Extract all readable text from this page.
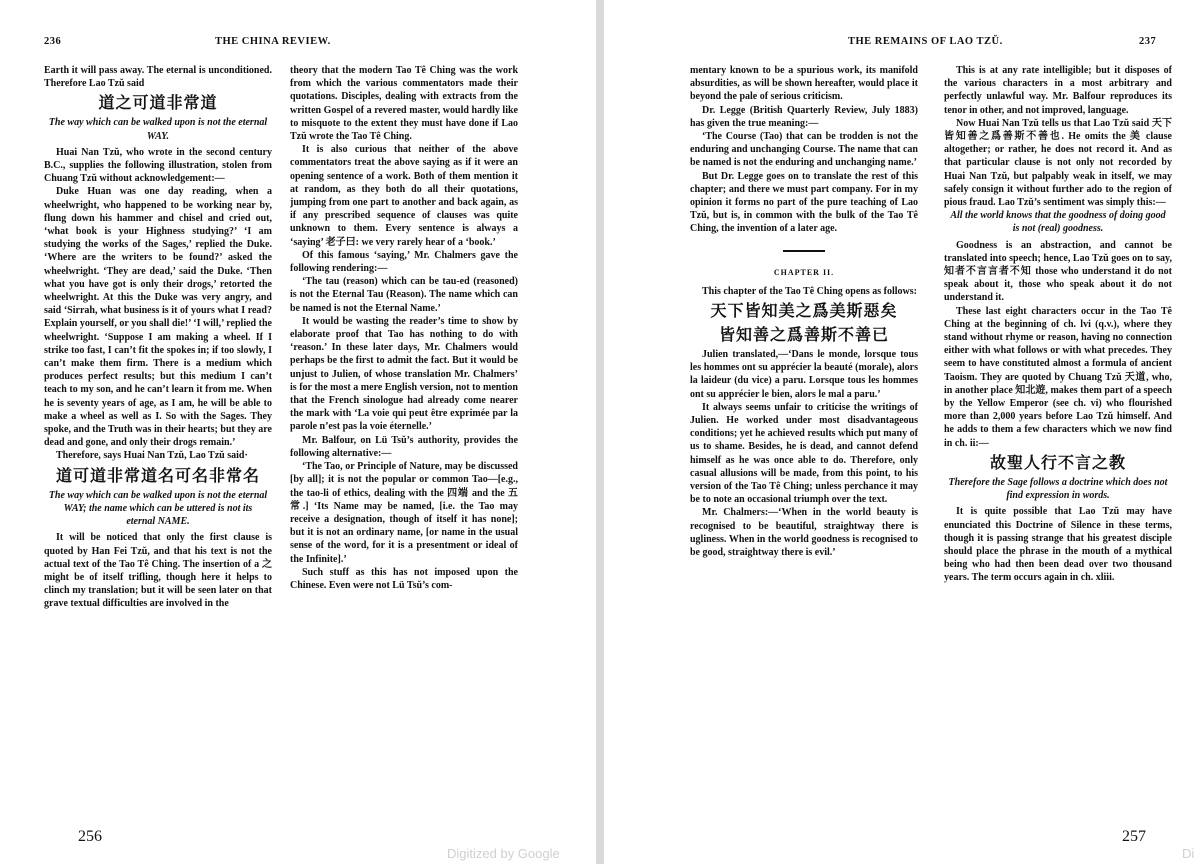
236	THE CHINA REVIEW.

Earth it will pass away. The eternal is unconditioned. Therefore Lao Tzŭ said

道之可道非常道

The way which can be walked upon is not the eternal WAY.

Huai Nan Tzŭ, who wrote in the second century B.C., supplies the following illustration, stolen from Chuang Tzŭ without acknowledgement:—

Duke Huan was one day reading, when a wheelwright, who happened to be working near by, flung down his hammer and chisel and cried out, ‘what book is your Highness studying?’ ‘I am studying the works of the Sages,’ replied the Duke. ‘Where are the writers to be found?’ asked the wheelwright. ‘They are dead,’ said the Duke. ‘Then what you have got is only their drogs,’ retorted the wheelwright. At this the Duke was very angry, and said ‘Sirrah, what business is it of yours what I read? Explain yourself, or you shall die!’ ‘I will,’ replied the wheelwright. ‘Suppose I am making a wheel. If I strike too fast, I can’t fit the spokes in; if too slowly, I can’t make them firm. There is a medium which produces perfect results; but this medium I can’t teach to my son, and he can’t learn it from me. When he is seventy years of age, as I am, he will be able to make a wheel as well as I. So with the Sages. They spoke, and the Truth was in their hearts; but they are dead and gone, and only their drogs remain.’

Therefore, says Huai Nan Tzŭ, Lao Tzŭ said·

道可道非常道名可名非常名

The way which can be walked upon is not the eternal WAY; the name which can be uttered is not its eternal NAME.

It will be noticed that only the first clause is quoted by Han Fei Tzŭ, and that his text is not the actual text of the Tao Tê Ching. The insertion of a 之 might be of itself trifling, though here it helps to clinch my translation; but it will be seen later on that grave textual difficulties are involved in the

theory that the modern Tao Tê Ching was the work from which the various commentators made their quotations. Disciples, dealing with extracts from the written Gospel of a revered master, would hardly like to misquote to the extent they must have done if Lao Tzŭ wrote the Tao Tê Ching.

It is also curious that neither of the above commentators treat the above saying as if it were an opening sentence of a work. Both of them mention it at random, as they both do all their quotations, jumping from one part to another and back again, as if any prescribed sequence of clauses was quite unknown to them. Every sentence is always a ‘saying’ 老子曰: we very rarely hear of a ‘book.’

Of this famous ‘saying,’ Mr. Chalmers gave the following rendering:—

‘The tau (reason) which can be tau-ed (reasoned) is not the Eternal Tau (Reason). The name which can be named is not the Eternal Name.’

It would be wasting the reader’s time to show by elaborate proof that Tao has nothing to do with ‘reason.’ In these later days, Mr. Chalmers would perhaps be the first to admit the fact. But it would be unjust to Julien, of whose translation Mr. Chalmers’ is for the most a mere English version, not to mention that the French sinologue had already come nearer the mark with ‘La voie qui peut être exprimée par la parole n’est pas la voie éternelle.’

Mr. Balfour, on Lü Tsŭ’s authority, provides the following alternative:—

‘The Tao, or Principle of Nature, may be discussed [by all]; it is not the popular or common Tao—[e.g., the tao-li of ethics, dealing with the 四端 and the 五常.] ‘Its Name may be named, [i.e. the Tao may receive a designation, though of itself it has none]; but it is not an ordinary name, [or name in the usual sense of the word, for it is a presentment or ideal of the Infinite].’

Such stuff as this has not imposed upon the Chinese. Even were not Lü Tsŭ’s com-

256
Digitized by Google
THE REMAINS OF LAO TZŬ.	237

mentary known to be a spurious work, its manifold absurdities, as will be shown hereafter, would place it beyond the pale of serious criticism.

Dr. Legge (British Quarterly Review, July 1883) has given the true meaning:—

‘The Course (Tao) that can be trodden is not the enduring and unchanging Course. The name that can be named is not the enduring and unchanging name.’

But Dr. Legge goes on to translate the rest of this chapter; and there we must part company. For in my opinion it forms no part of the pure teaching of Lao Tzŭ, but is, in common with the bulk of the Tao Tê Ching, the invention of a later age.

CHAPTER II.

This chapter of the Tao Tê Ching opens as follows:

天下皆知美之爲美斯惡矣

皆知善之爲善斯不善已

Julien translated,—‘Dans le monde, lorsque tous les hommes ont su apprécier la beauté (morale), alors la laideur (du vice) a paru. Lorsque tous les hommes ont su apprécier le bien, alors le mal a paru.’

It always seems unfair to criticise the writings of Julien. He worked under most disadvantageous conditions; yet he achieved results which put many of us to shame. Besides, he is dead, and cannot defend himself as he was once able to do. Therefore, only casual allusions will be made, from this point, to his version of the Tao Tê Ching; unless perchance it may be to note an occasional triumph over the text.

Mr. Chalmers:—‘When in the world beauty is recognised to be beautiful, straightway there is ugliness. When in the world goodness is recognised to be good, straightway there is evil.’

This is at any rate intelligible; but it disposes of the various characters in a most arbitrary and perfectly unlawful way. Mr. Balfour reproduces its tenor in other, and not improved, language.

Now Huai Nan Tzŭ tells us that Lao Tzŭ said 天下皆知善之爲善斯不善也. He omits the 美 clause altogether; or rather, he does not record it. And as that particular clause is not only not recorded by Huai Nan Tzŭ, but palpably weak in itself, we may safely consign it without further ado to the region of pious fraud. Lao Tzŭ’s sentiment was simply this:—

All the world knows that the goodness of doing good is not (real) goodness.

Goodness is an abstraction, and cannot be translated into speech; hence, Lao Tzŭ goes on to say, 知者不言言者不知 those who understand it do not speak about it, those who speak about it do not understand it.

These last eight characters occur in the Tao Tê Ching at the beginning of ch. lvi (q.v.), where they stand without rhyme or reason, having no connection either with what follows or with what precedes. They seem to have constituted almost a formula of ancient Taoism. They are quoted by Chuang Tzŭ 天道, who, in another place 知北遊, makes them part of a speech by the Yellow Emperor (see ch. vi) who flourished more than 2,000 years before Lao Tzŭ himself. And he adds to them a few characters which we now find in ch. ii:—

故聖人行不言之教

Therefore the Sage follows a doctrine which does not find expression in words.

It is quite possible that Lao Tzŭ may have enunciated this Doctrine of Silence in these terms, though it is passing strange that his greatest disciple should place the phrase in the mouth of a mythical being who had then been dead over two thousand years. The term occurs again in ch. xliii.

257
Di
